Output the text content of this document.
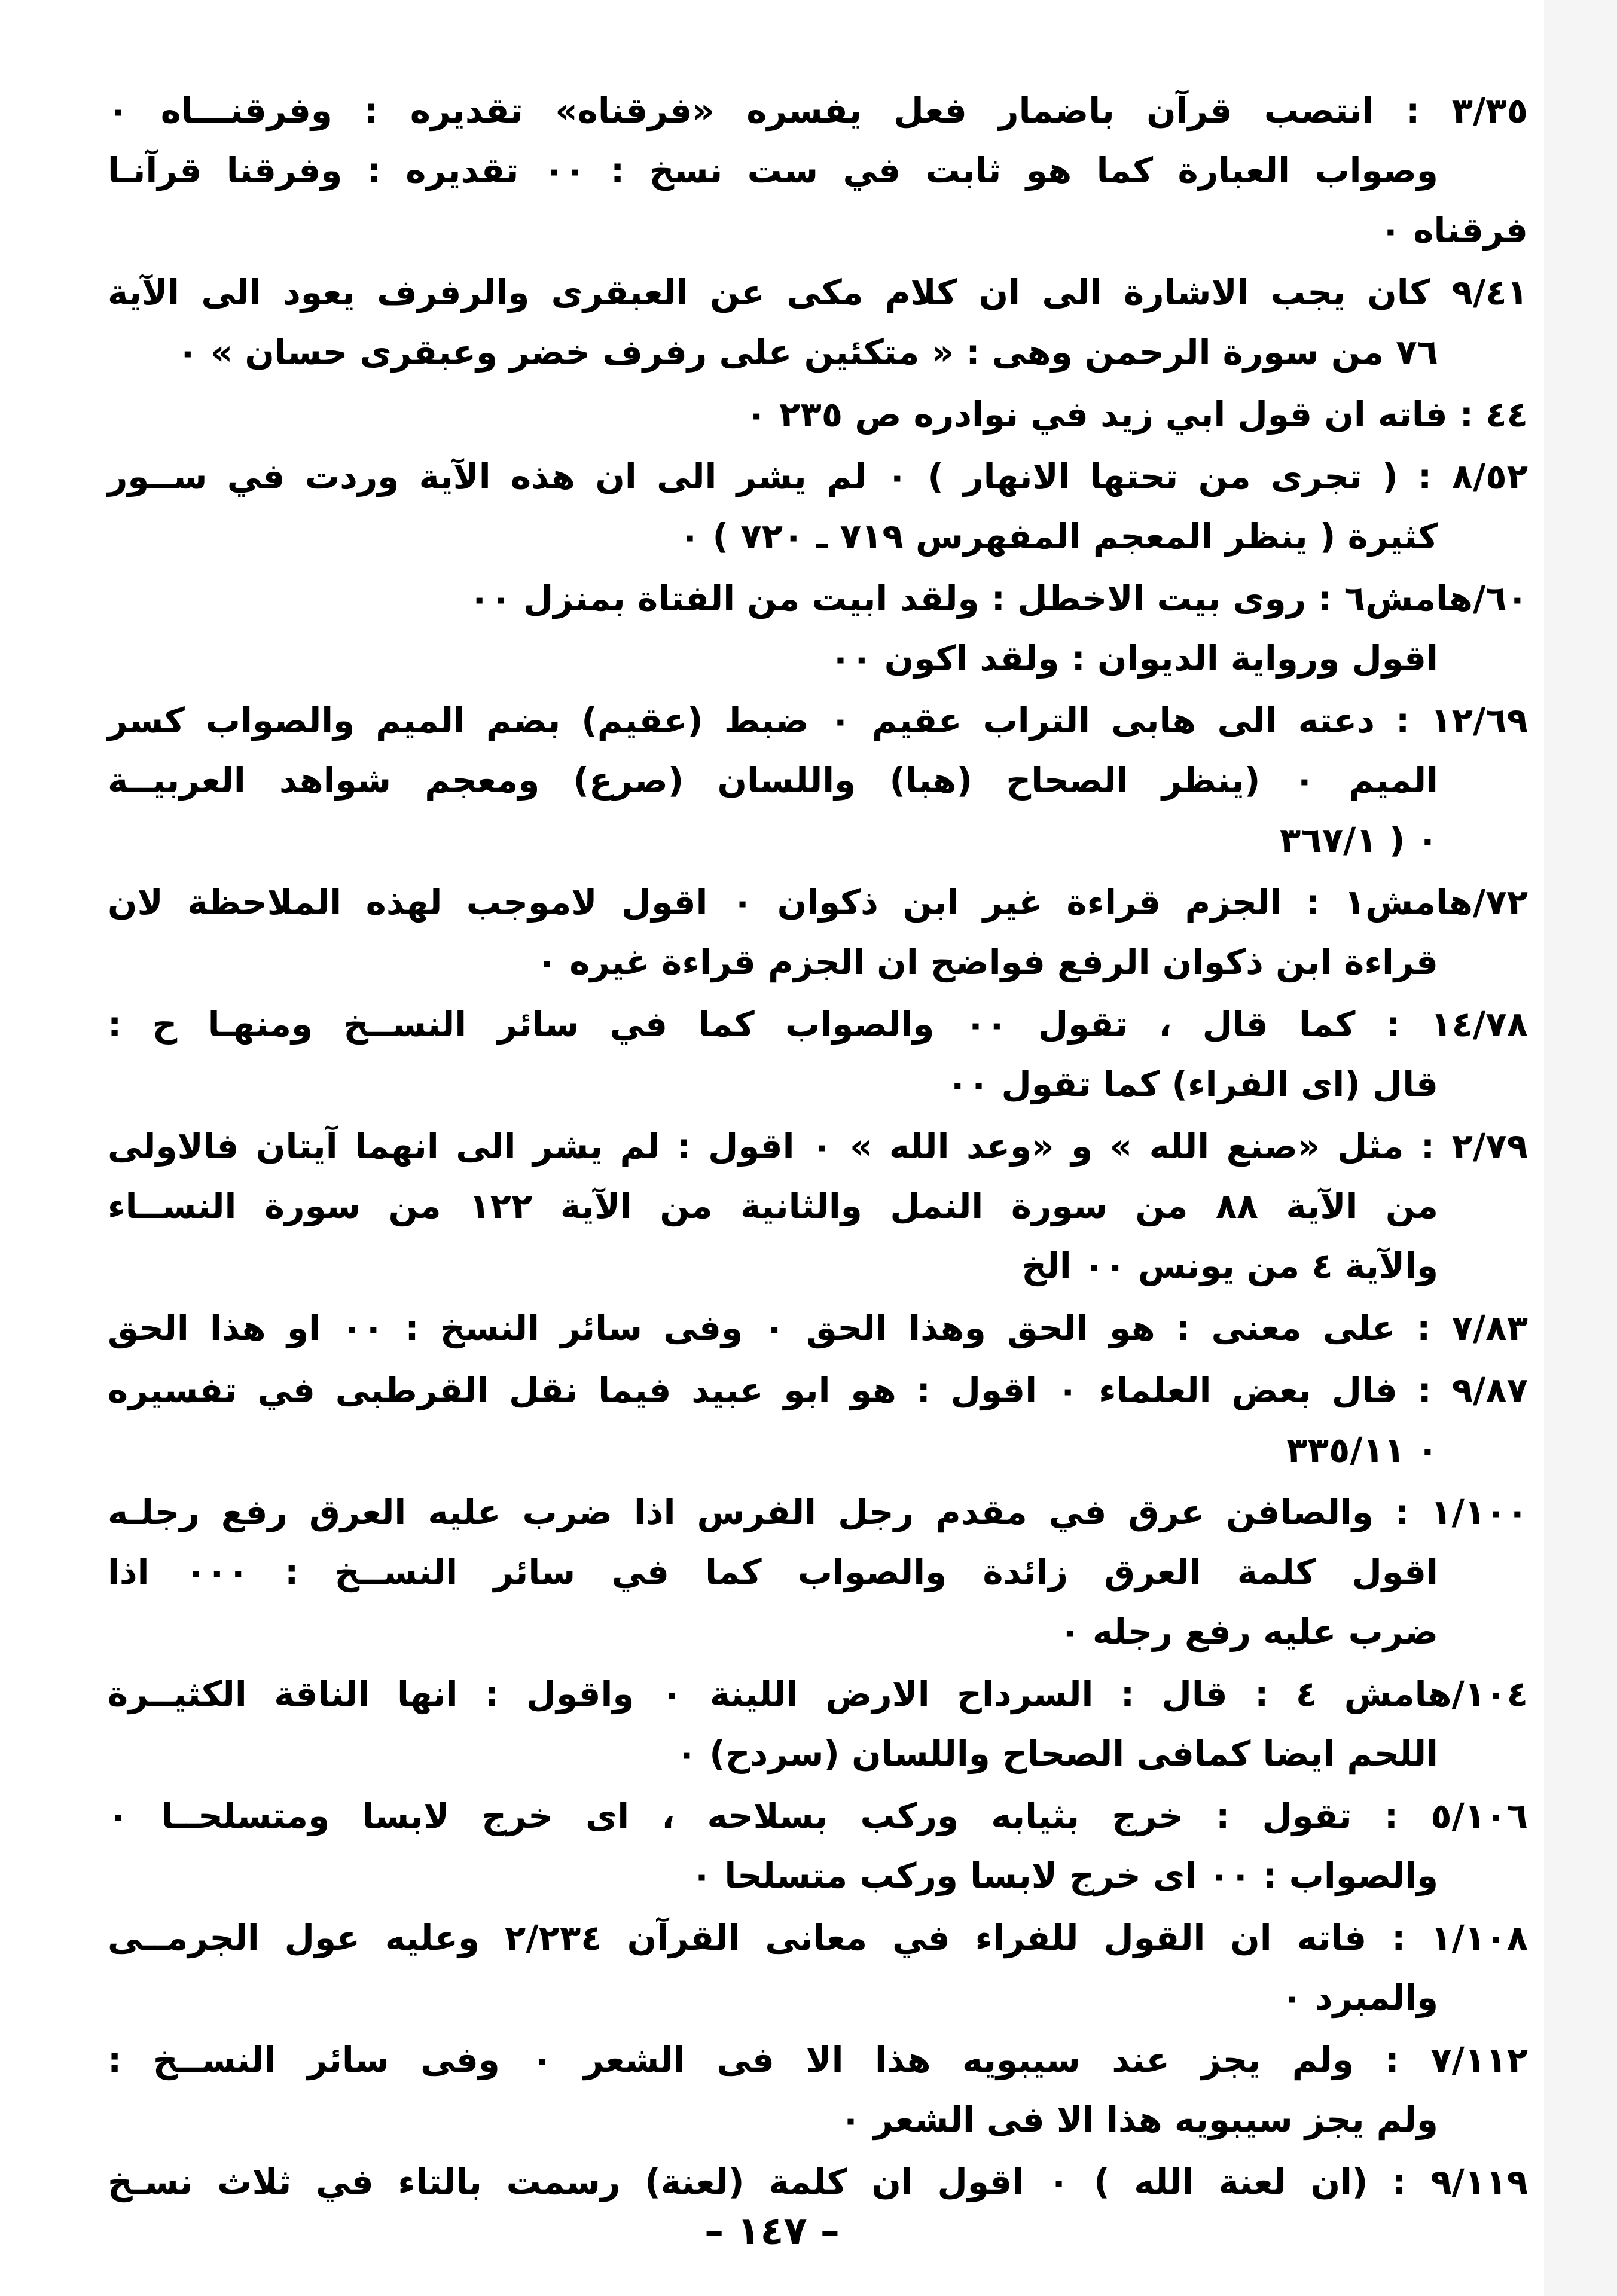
٣/٣٥ : انتصب قرآن باضمار فعل يفسره «فرقناه» تقديره : وفرقنـــاه ٠
وصواب العبارة كما هو ثابت في ست نسخ : ٠٠ تقديره : وفرقنا قرآنـا
فرقناه ٠
٩/٤١ كان يجب الاشارة الى ان كلام مكى عن العبقرى والرفرف يعود الى الآية
٧٦ من سورة الرحمن وهى : « متكئين على رفرف خضر وعبقرى حسان » ٠
٤٤ : فاته ان قول ابي زيد في نوادره ص ٢٣٥ ٠
٨/٥٢ : ( تجرى من تحتها الانهار ) ٠ لم يشر الى ان هذه الآية وردت في ســور
كثيرة ( ينظر المعجم المفهرس ٧١٩ ـ ٧٢٠ ) ٠
٦٠/هامش٦ : روى بيت الاخطل : ولقد ابيت من الفتاة بمنزل ٠٠
اقول ورواية الديوان : ولقد اكون ٠٠
١٢/٦٩ : دعته الى هابى التراب عقيم ٠ ضبط (عقيم) بضم الميم والصواب كسر
الميم ٠ (ينظر الصحاح (هبا) واللسان (صرع) ومعجم شواهد العربيــة
٠ ( ٣٦٧/١
٧٢/هامش١ : الجزم قراءة غير ابن ذكوان ٠ اقول لاموجب لهذه الملاحظة لان
قراءة ابن ذكوان الرفع فواضح ان الجزم قراءة غيره ٠
١٤/٧٨ : كما قال ، تقول ٠٠ والصواب كما في سائر النســخ ومنهـا ح :
قال (اى الفراء) كما تقول ٠٠
٢/٧٩ : مثل «صنع الله » و «وعد الله » ٠ اقول : لم يشر الى انهما آيتان فالاولى
من الآية ٨٨ من سورة النمل والثانية من الآية ١٢٢ من سورة النســاء
والآية ٤ من يونس ٠٠ الخ
٧/٨٣ : على معنى : هو الحق وهذا الحق ٠ وفى سائر النسخ : ٠٠ او هذا الحق
٩/٨٧ : فال بعض العلماء ٠ اقول : هو ابو عبيد فيما نقل القرطبى في تفسيره
٠ ٣٣٥/١١
١/١٠٠ : والصافن عرق في مقدم رجل الفرس اذا ضرب عليه العرق رفع رجلـه
اقول كلمة العرق زائدة والصواب كما في سائر النســخ : ٠٠٠ اذا
ضرب عليه رفع رجله ٠
١٠٤/هامش ٤ : قال : السرداح الارض اللينة ٠ واقول : انها الناقة الكثيــرة
اللحم ايضا كمافى الصحاح واللسان (سردح) ٠
٥/١٠٦ : تقول : خرج بثيابه وركب بسلاحه ، اى خرج لابسا ومتسلحــا ٠
والصواب : ٠٠ اى خرج لابسا وركب متسلحا ٠
١/١٠٨ : فاته ان القول للفراء في معانى القرآن ٢/٢٣٤ وعليه عول الجرمــى
والمبرد ٠
٧/١١٢ : ولم يجز عند سيبويه هذا الا فى الشعر ٠ وفى سائر النســخ :
ولم يجز سيبويه هذا الا فى الشعر ٠
٩/١١٩ : (ان لعنة الله ) ٠ اقول ان كلمة (لعنة) رسمت بالتاء في ثلاث نسـخ
– ١٤٧ –
